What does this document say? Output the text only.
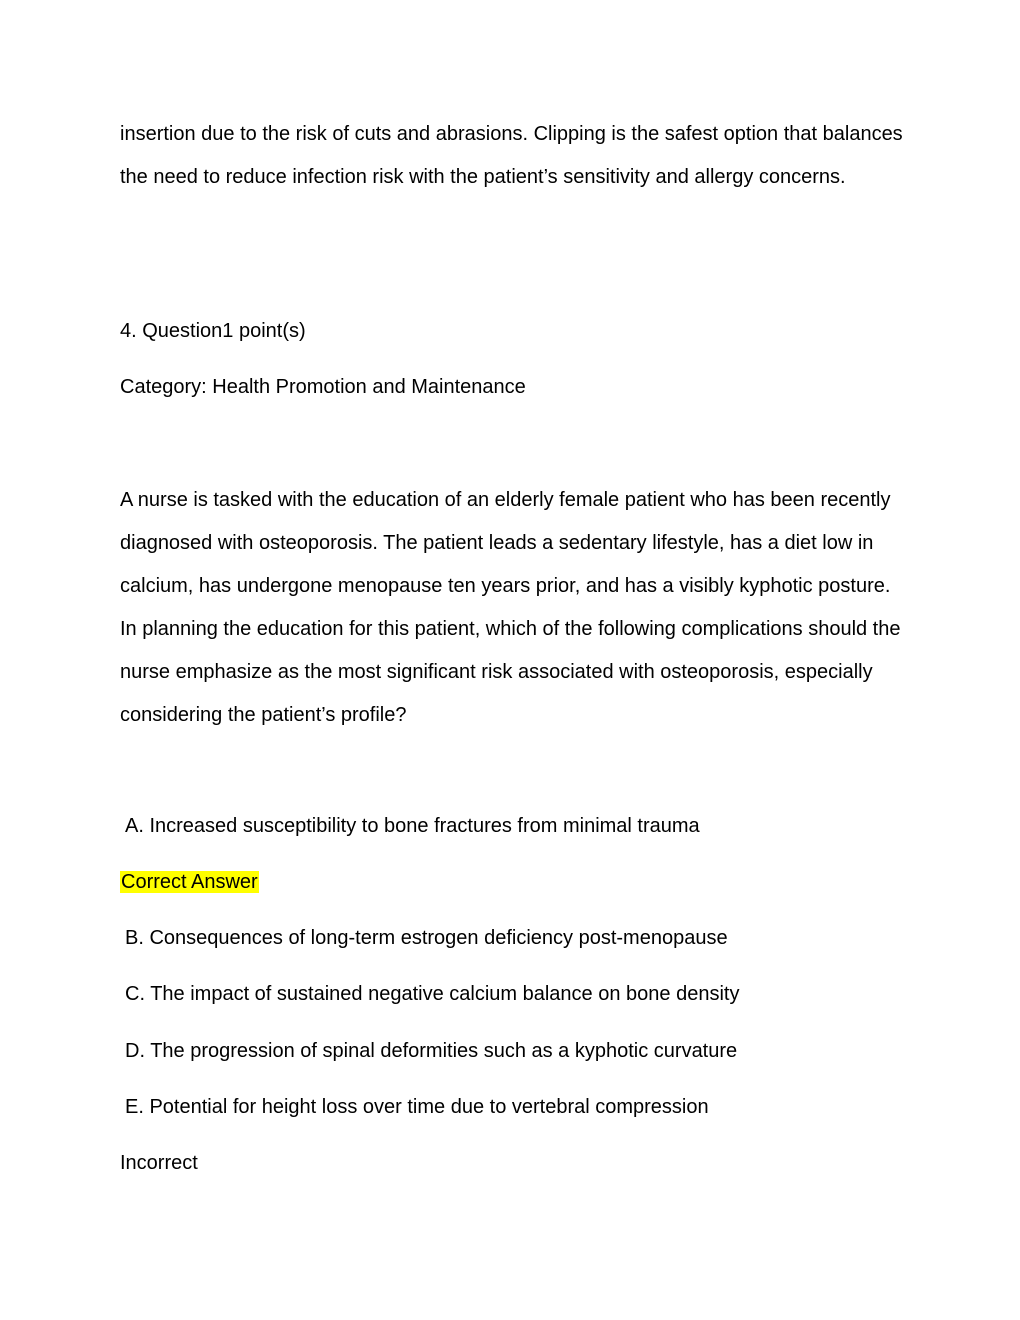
insertion due to the risk of cuts and abrasions. Clipping is the safest option that balances the need to reduce infection risk with the patient’s sensitivity and allergy concerns.

4. Question1 point(s)

Category: Health Promotion and Maintenance

A nurse is tasked with the education of an elderly female patient who has been recently diagnosed with osteoporosis. The patient leads a sedentary lifestyle, has a diet low in calcium, has undergone menopause ten years prior, and has a visibly kyphotic posture. In planning the education for this patient, which of the following complications should the nurse emphasize as the most significant risk associated with osteoporosis, especially considering the patient’s profile?

A. Increased susceptibility to bone fractures from minimal trauma

Correct Answer

B. Consequences of long-term estrogen deficiency post-menopause

C. The impact of sustained negative calcium balance on bone density

D. The progression of spinal deformities such as a kyphotic curvature

E. Potential for height loss over time due to vertebral compression

Incorrect
